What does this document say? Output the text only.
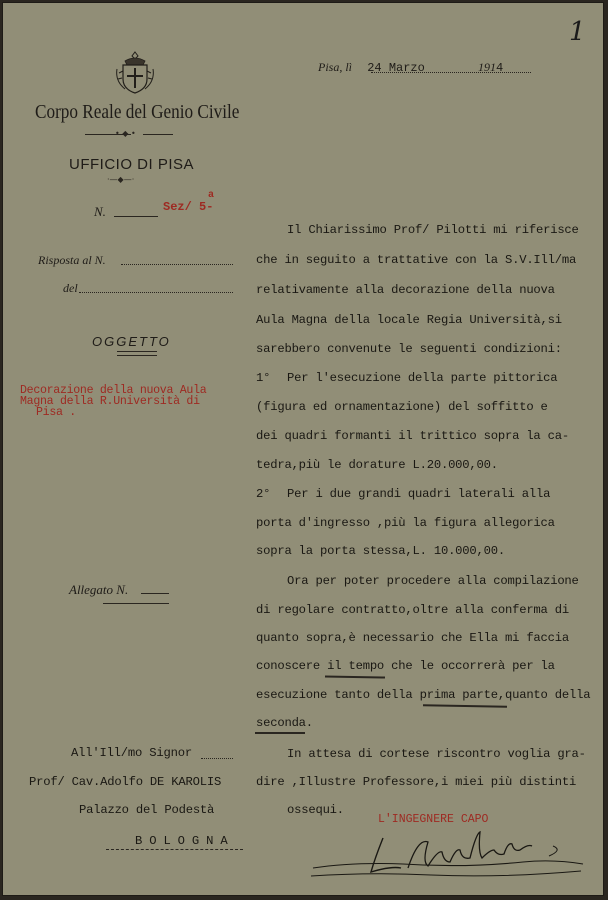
1
Corpo Reale del Genio Civile
• ◆ •
UFFICIO DI PISA
·—◆—·
N.	Sez/ 5-
a
Risposta al N.
del
OGGETTO
Decorazione della nuova Aula
Magna della R.Università di
Pisa .
Allegato N.
Pisa, lì 24 Marzo	1914
Il Chiarissimo Prof/ Pilotti mi riferisce
che in seguito a trattative con la S.V.Ill/ma
relativamente alla decorazione della nuova
Aula Magna della locale Regia Università,si
sarebbero convenute le seguenti condizioni:
1° Per l'esecuzione della parte pittorica
(figura ed ornamentazione) del soffitto e
dei quadri formanti il trittico sopra la ca-
tedra,più le dorature L.20.000,00.
2° Per i due grandi quadri laterali alla
porta d'ingresso ,più la figura allegorica
sopra la porta stessa,L. 10.000,00.
Ora per poter procedere alla compilazione
di regolare contratto,oltre alla conferma di
quanto sopra,è necessario che Ella mi faccia
conoscere il tempo che le occorrerà per la
esecuzione tanto della prima parte,quanto della
seconda.
In attesa di cortese riscontro voglia gra-
dire ,Illustre Professore,i miei più distinti
ossequi.
All'Ill/mo Signor
Prof/ Cav.Adolfo DE KAROLIS
Palazzo del Podestà
B O L O G N A
L'INGEGNERE CAPO
